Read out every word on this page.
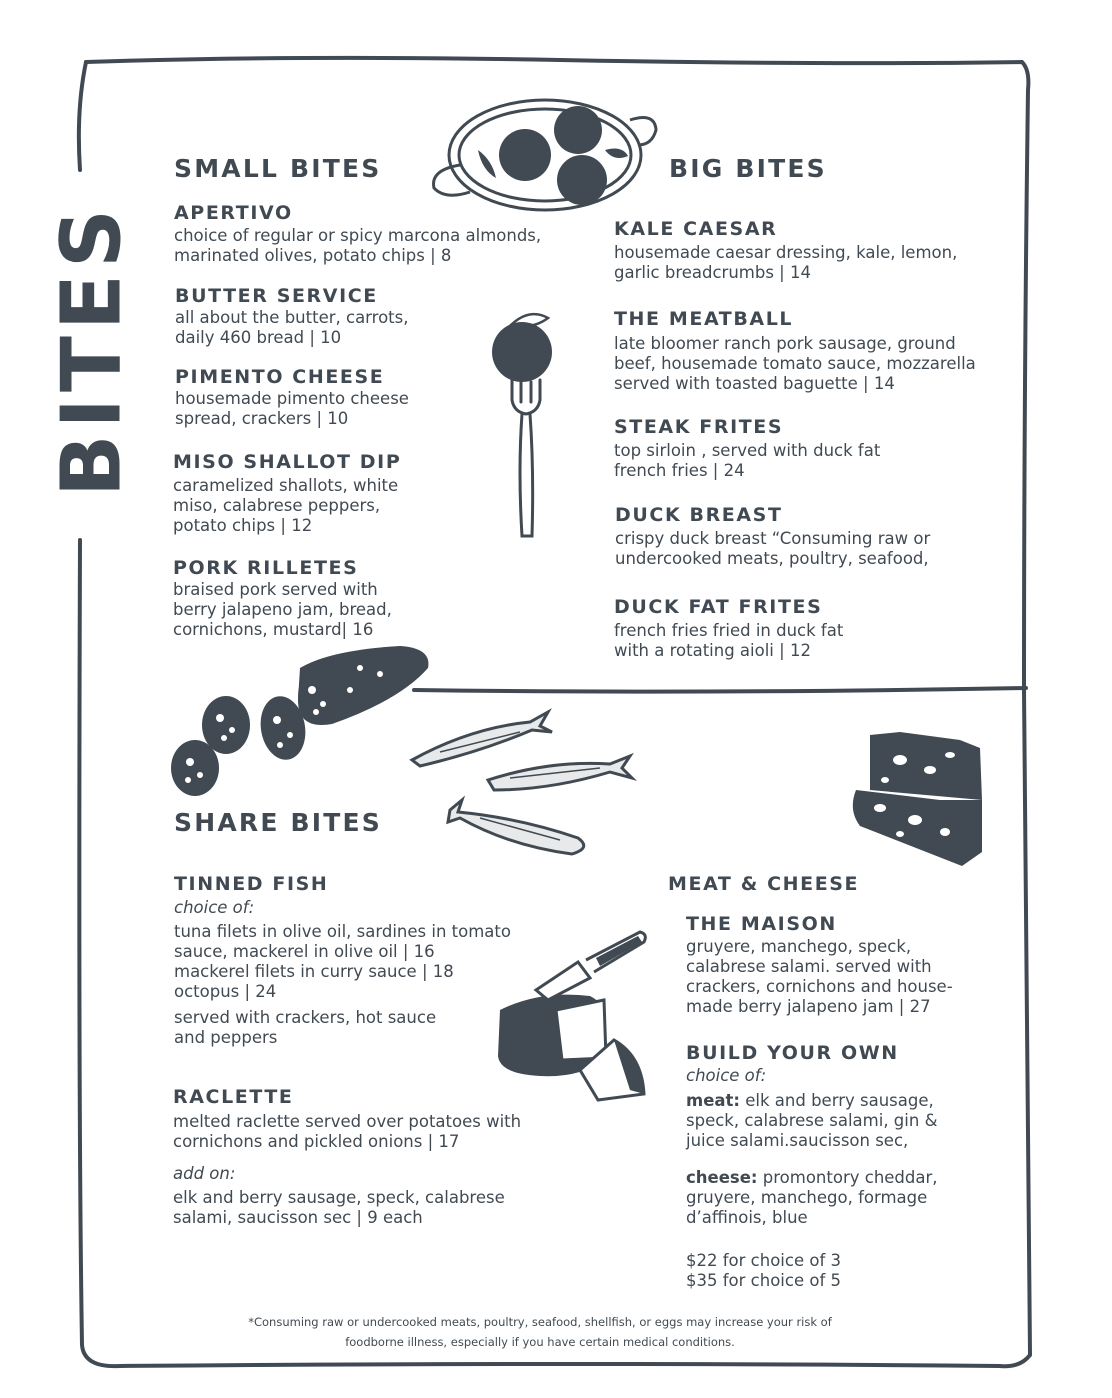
BITES
SMALL BITES
APERTIVO
choice of regular or spicy marcona almonds,
marinated olives, potato chips | 8
BUTTER SERVICE
all about the butter, carrots,
daily 460 bread | 10
PIMENTO CHEESE
housemade pimento cheese
spread, crackers | 10
MISO SHALLOT DIP
caramelized shallots, white
miso, calabrese peppers,
potato chips | 12
PORK RILLETES
braised pork served with
berry jalapeno jam, bread,
cornichons, mustard| 16
BIG BITES
KALE CAESAR
housemade caesar dressing, kale, lemon,
garlic breadcrumbs | 14
THE MEATBALL
late bloomer ranch pork sausage, ground
beef, housemade tomato sauce, mozzarella
served with toasted baguette | 14
STEAK FRITES
top sirloin , served with duck fat
french fries | 24
DUCK BREAST
crispy duck breast “Consuming raw or
undercooked meats, poultry, seafood,
DUCK FAT FRITES
french fries fried in duck fat
with a rotating aioli | 12
SHARE BITES
TINNED FISH
choice of:
tuna filets in olive oil, sardines in tomato
sauce, mackerel in olive oil | 16
mackerel filets in curry sauce | 18
octopus | 24
served with crackers, hot sauce
and peppers
RACLETTE
melted raclette served over potatoes with
cornichons and pickled onions | 17
add on:
elk and berry sausage, speck, calabrese
salami, saucisson sec | 9 each
MEAT & CHEESE
THE MAISON
gruyere, manchego, speck,
calabrese salami. served with
crackers, cornichons and house-
made berry jalapeno jam | 27
BUILD YOUR OWN
choice of:
meat: elk and berry sausage,
speck, calabrese salami, gin &
juice salami.saucisson sec,
cheese: promontory cheddar,
gruyere, manchego, formage
d’affinois, blue
$22 for choice of 3
$35 for choice of 5
*Consuming raw or undercooked meats, poultry, seafood, shellfish, or eggs may increase your risk of
foodborne illness, especially if you have certain medical conditions.
